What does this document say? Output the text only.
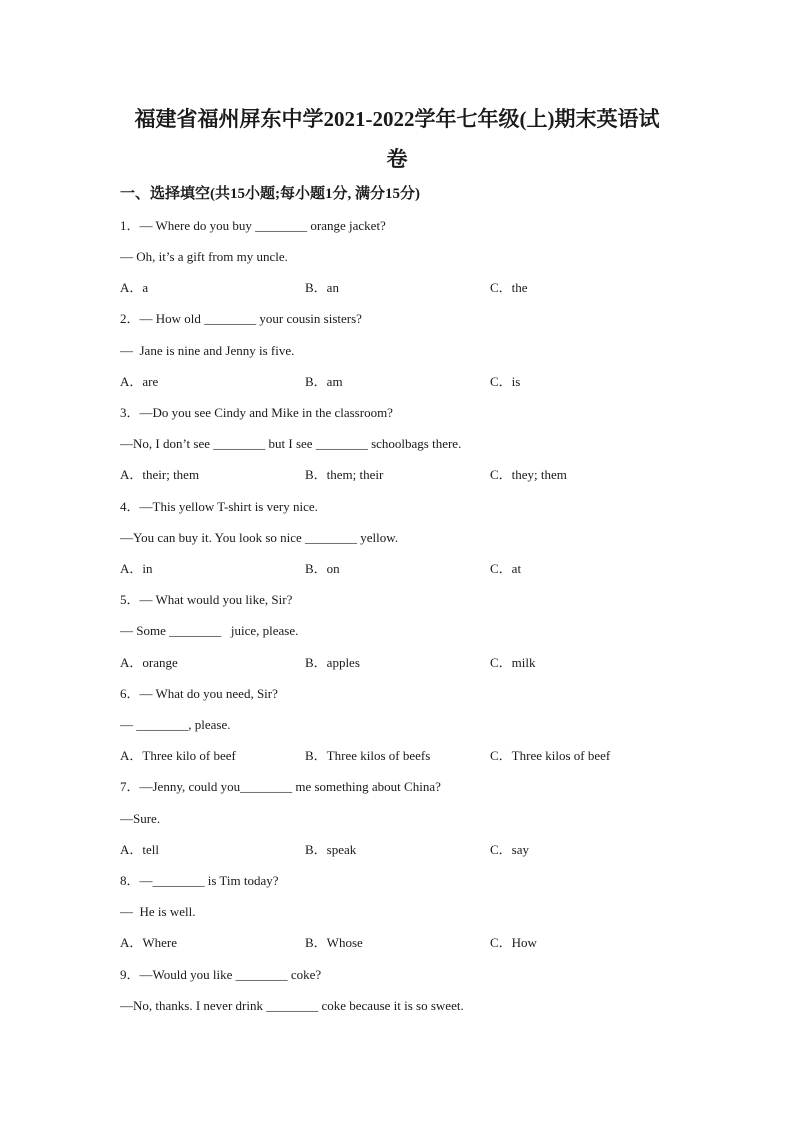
福建省福州屏东中学2021-2022学年七年级(上)期末英语试
卷
一、选择填空(共15小题;每小题1分, 满分15分)
1．— Where do you buy ________ orange jacket?
— Oh, it’s a gift from my uncle.
A．a	B．an	C．the
2．— How old ________ your cousin sisters?
—  Jane is nine and Jenny is five.
A．are	B．am	C．is
3．—Do you see Cindy and Mike in the classroom?
—No, I don’t see ________ but I see ________ schoolbags there.
A．their; them	B．them; their	C．they; them
4．—This yellow T-shirt is very nice.
—You can buy it. You look so nice ________ yellow.
A．in	B．on	C．at
5．— What would you like, Sir?
— Some ________   juice, please.
A．orange	B．apples	C．milk
6．— What do you need, Sir?
— ________, please.
A．Three kilo of beef	B．Three kilos of beefs	C．Three kilos of beef
7．—Jenny, could you________ me something about China?
—Sure.
A．tell	B．speak	C．say
8．—________ is Tim today?
—  He is well.
A．Where	B．Whose	C．How
9．—Would you like ________ coke?
—No, thanks. I never drink ________ coke because it is so sweet.
